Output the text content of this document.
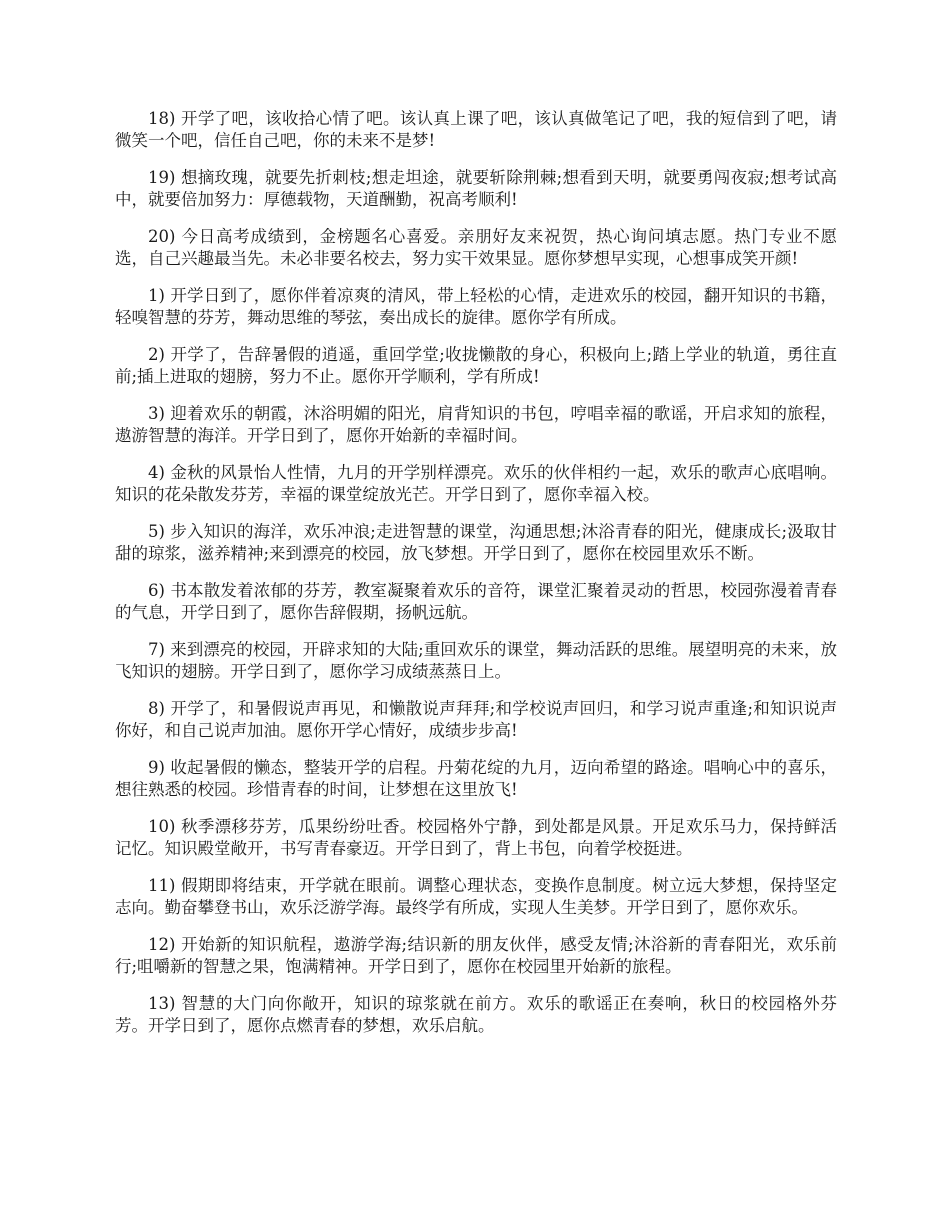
18) 开学了吧，该收拾心情了吧。该认真上课了吧，该认真做笔记了吧，我的短信到了吧，请微笑一个吧，信任自己吧，你的未来不是梦!

19) 想摘玫瑰，就要先折刺枝;想走坦途，就要斩除荆棘;想看到天明，就要勇闯夜寂;想考试高中，就要倍加努力：厚德载物，天道酬勤，祝高考顺利!

20) 今日高考成绩到，金榜题名心喜爱。亲朋好友来祝贺，热心询问填志愿。热门专业不愿选，自己兴趣最当先。未必非要名校去，努力实干效果显。愿你梦想早实现，心想事成笑开颜!

1) 开学日到了，愿你伴着凉爽的清风，带上轻松的心情，走进欢乐的校园，翻开知识的书籍，轻嗅智慧的芬芳，舞动思维的琴弦，奏出成长的旋律。愿你学有所成。

2) 开学了，告辞暑假的逍遥，重回学堂;收拢懒散的身心，积极向上;踏上学业的轨道，勇往直前;插上进取的翅膀，努力不止。愿你开学顺利，学有所成!

3) 迎着欢乐的朝霞，沐浴明媚的阳光，肩背知识的书包，哼唱幸福的歌谣，开启求知的旅程，遨游智慧的海洋。开学日到了，愿你开始新的幸福时间。

4) 金秋的风景怡人性情，九月的开学别样漂亮。欢乐的伙伴相约一起，欢乐的歌声心底唱响。知识的花朵散发芬芳，幸福的课堂绽放光芒。开学日到了，愿你幸福入校。

5) 步入知识的海洋，欢乐冲浪;走进智慧的课堂，沟通思想;沐浴青春的阳光，健康成长;汲取甘甜的琼浆，滋养精神;来到漂亮的校园，放飞梦想。开学日到了，愿你在校园里欢乐不断。

6) 书本散发着浓郁的芬芳，教室凝聚着欢乐的音符，课堂汇聚着灵动的哲思，校园弥漫着青春的气息，开学日到了，愿你告辞假期，扬帆远航。

7) 来到漂亮的校园，开辟求知的大陆;重回欢乐的课堂，舞动活跃的思维。展望明亮的未来，放飞知识的翅膀。开学日到了，愿你学习成绩蒸蒸日上。

8) 开学了，和暑假说声再见，和懒散说声拜拜;和学校说声回归，和学习说声重逢;和知识说声你好，和自己说声加油。愿你开学心情好，成绩步步高!

9) 收起暑假的懒态，整装开学的启程。丹菊花绽的九月，迈向希望的路途。唱响心中的喜乐，想往熟悉的校园。珍惜青春的时间，让梦想在这里放飞!

10) 秋季漂移芬芳，瓜果纷纷吐香。校园格外宁静，到处都是风景。开足欢乐马力，保持鲜活记忆。知识殿堂敞开，书写青春豪迈。开学日到了，背上书包，向着学校挺进。

11) 假期即将结束，开学就在眼前。调整心理状态，变换作息制度。树立远大梦想，保持坚定志向。勤奋攀登书山，欢乐泛游学海。最终学有所成，实现人生美梦。开学日到了，愿你欢乐。

12) 开始新的知识航程，遨游学海;结识新的朋友伙伴，感受友情;沐浴新的青春阳光，欢乐前行;咀嚼新的智慧之果，饱满精神。开学日到了，愿你在校园里开始新的旅程。

13) 智慧的大门向你敞开，知识的琼浆就在前方。欢乐的歌谣正在奏响，秋日的校园格外芬芳。开学日到了，愿你点燃青春的梦想，欢乐启航。
